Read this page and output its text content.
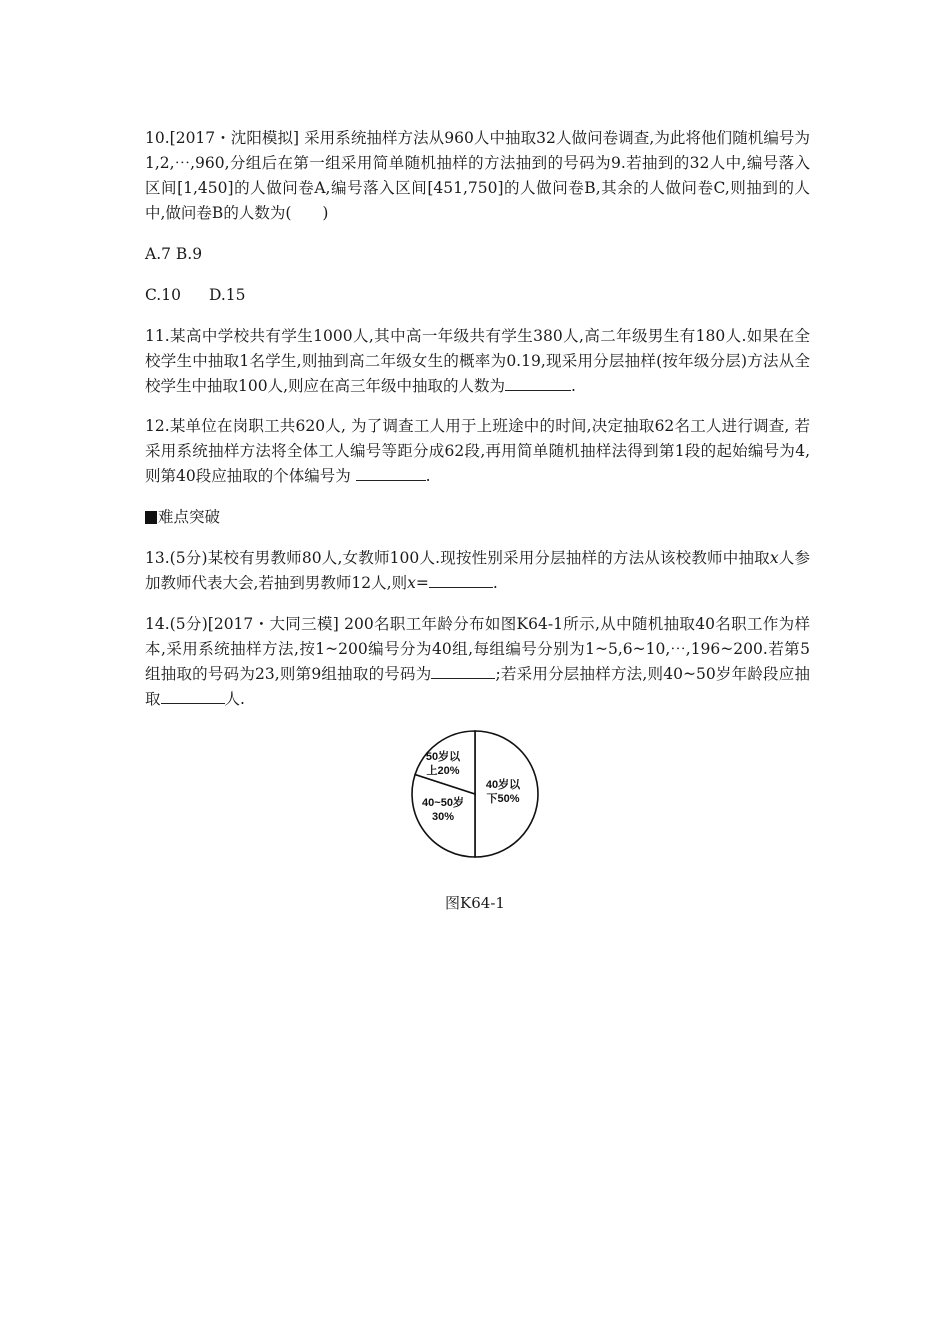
10.[2017・沈阳模拟] 采用系统抽样方法从960人中抽取32人做问卷调查,为此将他们随机编号为1,2,⋯,960,分组后在第一组采用简单随机抽样的方法抽到的号码为9.若抽到的32人中,编号落入区间[1,450]的人做问卷A,编号落入区间[451,750]的人做问卷B,其余的人做问卷C,则抽到的人中,做问卷B的人数为(　　)

A.7 B.9

C.10 D.15

11.某高中学校共有学生1000人,其中高一年级共有学生380人,高二年级男生有180人.如果在全校学生中抽取1名学生,则抽到高二年级女生的概率为0.19,现采用分层抽样(按年级分层)方法从全校学生中抽取100人,则应在高三年级中抽取的人数为	.

12.某单位在岗职工共620人, 为了调查工人用于上班途中的时间,决定抽取62名工人进行调查, 若采用系统抽样方法将全体工人编号等距分成62段,再用简单随机抽样法得到第1段的起始编号为4, 则第40段应抽取的个体编号为	.

难点突破

13.(5分)某校有男教师80人,女教师100人.现按性别采用分层抽样的方法从该校教师中抽取x人参加教师代表大会,若抽到男教师12人,则x=	.

14.(5分)[2017・大同三模] 200名职工年龄分布如图K64-1所示,从中随机抽取40名职工作为样本,采用系统抽样方法,按1~200编号分为40组,每组编号分别为1~5,6~10,⋯,196~200.若第5组抽取的号码为23,则第9组抽取的号码为	;若采用分层抽样方法,则40~50岁年龄段应抽取	人.

40岁以下50%
40~50岁 30%
50岁以上20%
图K64-1
